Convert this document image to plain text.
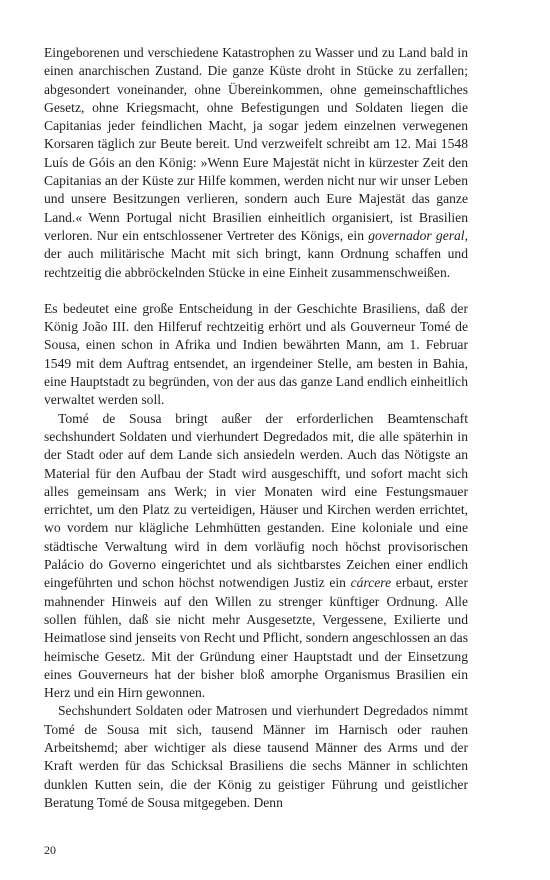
Eingeborenen und verschiedene Katastrophen zu Wasser und zu Land bald in einen anarchischen Zustand. Die ganze Küste droht in Stücke zu zerfallen; abgesondert voneinander, ohne Übereinkommen, ohne gemeinschaftliches Gesetz, ohne Kriegsmacht, ohne Befestigungen und Soldaten liegen die Capitanias jeder feindlichen Macht, ja sogar jedem einzelnen verwegenen Korsaren täglich zur Beute bereit. Und verzweifelt schreibt am 12. Mai 1548 Luís de Góis an den König: »Wenn Eure Majestät nicht in kürzester Zeit den Capitanias an der Küste zur Hilfe kommen, werden nicht nur wir unser Leben und unsere Besitzungen verlieren, sondern auch Eure Majestät das ganze Land.« Wenn Portugal nicht Brasilien einheitlich organisiert, ist Brasilien verloren. Nur ein entschlossener Vertreter des Königs, ein governador geral, der auch militärische Macht mit sich bringt, kann Ordnung schaffen und rechtzeitig die abbröckelnden Stücke in eine Einheit zusammenschweißen.

Es bedeutet eine große Entscheidung in der Geschichte Brasiliens, daß der König João III. den Hilferuf rechtzeitig erhört und als Gouverneur Tomé de Sousa, einen schon in Afrika und Indien bewährten Mann, am 1. Februar 1549 mit dem Auftrag entsendet, an irgendeiner Stelle, am besten in Bahia, eine Hauptstadt zu begründen, von der aus das ganze Land endlich einheitlich verwaltet werden soll.

Tomé de Sousa bringt außer der erforderlichen Beamtenschaft sechshundert Soldaten und vierhundert Degredados mit, die alle späterhin in der Stadt oder auf dem Lande sich ansiedeln werden. Auch das Nötigste an Material für den Aufbau der Stadt wird ausgeschifft, und sofort macht sich alles gemeinsam ans Werk; in vier Monaten wird eine Festungsmauer errichtet, um den Platz zu verteidigen, Häuser und Kirchen werden errichtet, wo vordem nur klägliche Lehmhütten gestanden. Eine koloniale und eine städtische Verwaltung wird in dem vorläufig noch höchst provisorischen Palácio do Governo eingerichtet und als sichtbarstes Zeichen einer endlich eingeführten und schon höchst notwendigen Justiz ein cárcere erbaut, erster mahnender Hinweis auf den Willen zu strenger künftiger Ordnung. Alle sollen fühlen, daß sie nicht mehr Ausgesetzte, Vergessene, Exilierte und Heimatlose sind jenseits von Recht und Pflicht, sondern angeschlossen an das heimische Gesetz. Mit der Gründung einer Hauptstadt und der Einsetzung eines Gouverneurs hat der bisher bloß amorphe Organismus Brasilien ein Herz und ein Hirn gewonnen.

Sechshundert Soldaten oder Matrosen und vierhundert Degredados nimmt Tomé de Sousa mit sich, tausend Männer im Harnisch oder rauhen Arbeitshemd; aber wichtiger als diese tausend Männer des Arms und der Kraft werden für das Schicksal Brasiliens die sechs Männer in schlichten dunklen Kutten sein, die der König zu geistiger Führung und geistlicher Beratung Tomé de Sousa mitgegeben. Denn

20
